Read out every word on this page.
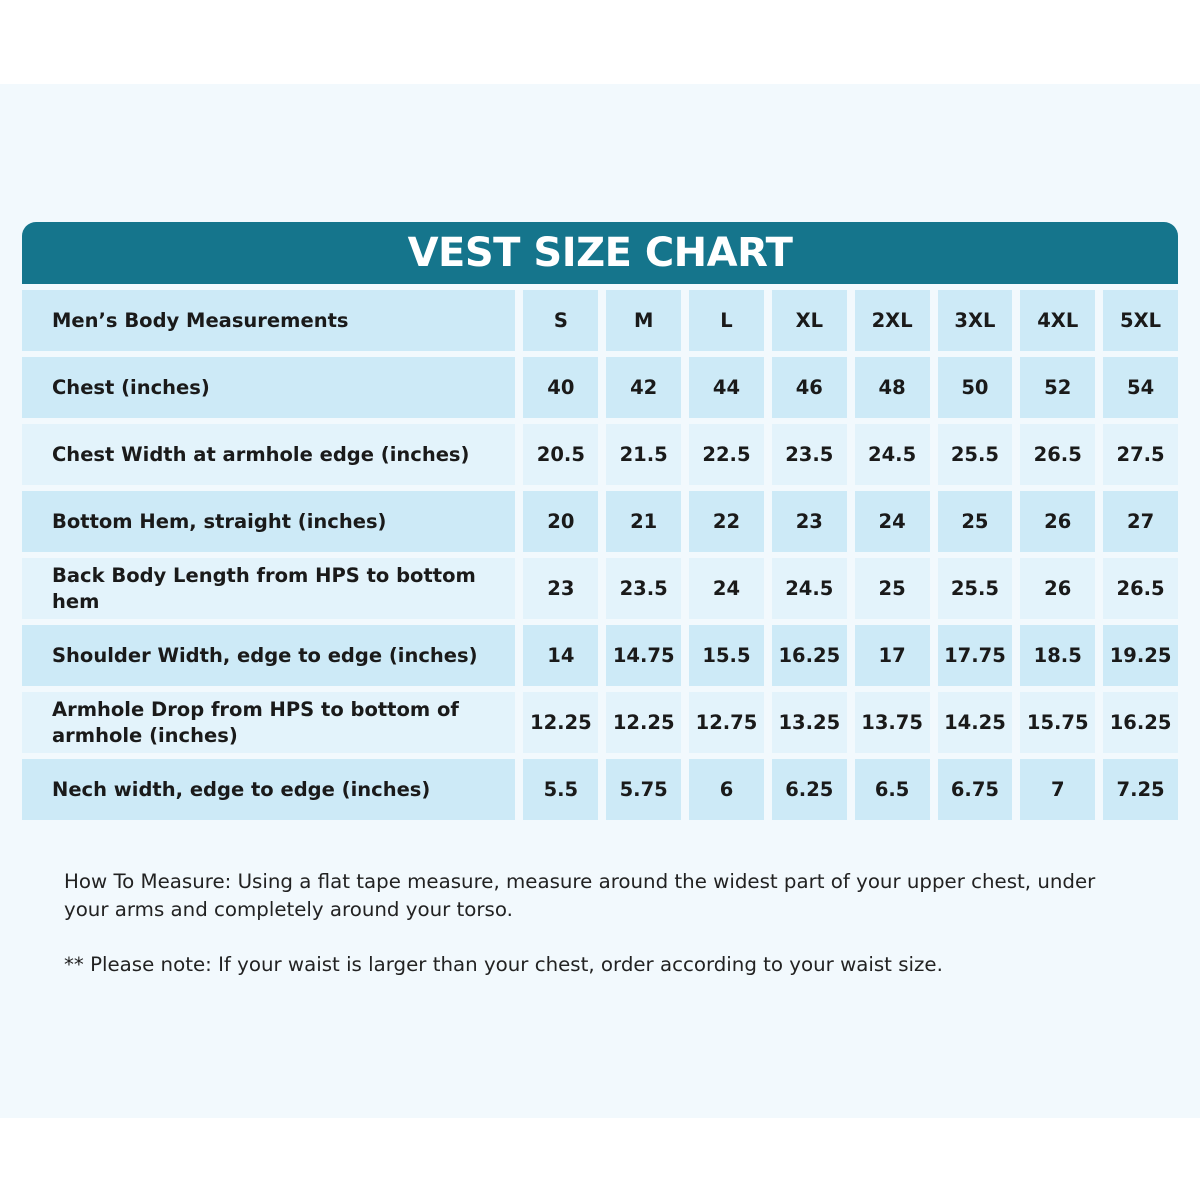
VEST SIZE CHART
Men’s Body Measurements	S	M	L	XL	2XL	3XL	4XL	5XL
Chest (inches)	40	42	44	46	48	50	52	54
Chest Width at armhole edge (inches)	20.5	21.5	22.5	23.5	24.5	25.5	26.5	27.5
Bottom Hem, straight (inches)	20	21	22	23	24	25	26	27
Back Body Length from HPS to bottom hem	23	23.5	24	24.5	25	25.5	26	26.5
Shoulder Width, edge to edge (inches)	14	14.75	15.5	16.25	17	17.75	18.5	19.25
Armhole Drop from HPS to bottom of armhole (inches)	12.25	12.25	12.75	13.25	13.75	14.25	15.75	16.25
Nech width, edge to edge (inches)	5.5	5.75	6	6.25	6.5	6.75	7	7.25

How To Measure: Using a flat tape measure, measure around the widest part of your upper chest, under your arms and completely around your torso.

** Please note: If your waist is larger than your chest, order according to your waist size.
